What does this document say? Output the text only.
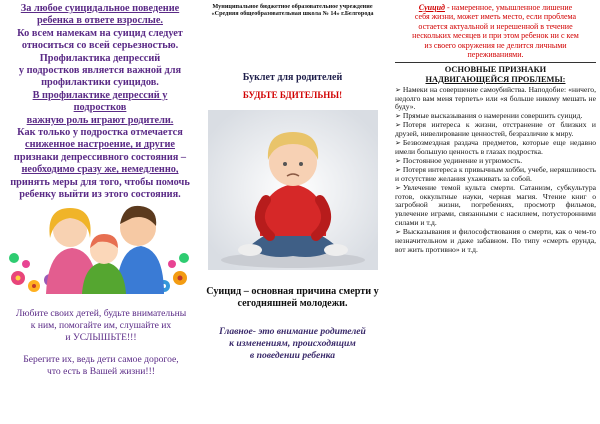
За любое суицидальное поведение
ребенка в ответе взрослые.
Ко всем намекам на суицид следует
относиться со всей серьезностью.
Профилактика депрессий
у подростков является важной для
профилактики суицидов.
В профилактике депрессий у подростков
важную роль играют родители.
Как только у подростка отмечается
сниженное настроение, и другие
признаки депрессивного состояния –
необходимо сразу же, немедленно,
принять меры для того, чтобы помочь
ребенку выйти из этого состояния.
Любите своих детей, будьте внимательны
к ним, помогайте им, слушайте их
и УСЛЫШЬТЕ!!!
Берегите их, ведь дети самое дорогое,
что есть в Вашей жизни!!!
Муниципальное бюджетное образовательное учреждение
«Средняя общеобразовательная школа № 14» г.Белгорода
Буклет для родителей
БУДЬТЕ БДИТЕЛЬНЫ!
Суицид – основная причина смерти у
сегодняшней молодежи.
Главное- это внимание родителей
к изменениям, происходящим
в поведении ребенка
Суицид - намеренное, умышленное лишение
себя жизни, может иметь место, если проблема
остается актуальной и нерешенной в течение
нескольких месяцев и при этом ребенок ни с кем
из своего окружения не делится личными
переживаниями.
ОСНОВНЫЕ ПРИЗНАКИ
НАДВИГАЮЩЕЙСЯ ПРОБЛЕМЫ:
➢ Намеки на совершение самоубийства. Наподобие: «ничего, недолго вам меня терпеть» или «я больше никому мешать не буду».
➢ Прямые высказывания о намерении совершить суицид.
➢ Потеря интереса к жизни, отстранение от близких и друзей, нивелирование ценностей, безразличие к миру.
➢ Безвозмездная раздача предметов, которые еще недавно имели большую ценность в глазах подростка.
➢ Постоянное уединение и угрюмость.
➢ Потеря интереса к привычным хобби, учебе, неряшливость и отсутствие желания ухаживать за собой.
➢ Увлечение темой культа смерти. Сатанизм, субкультура готов, оккультные науки, черная магия. Чтение книг о загробной жизни, погребениях, просмотр фильмов, увлечение играми, связанными с насилием, потусторонними силами и т.д.
➢ Высказывания и философствования о смерти, как о чем-то незначительном и даже забавном. По типу «смерть ерунда, вот жить противно» и т.д.
